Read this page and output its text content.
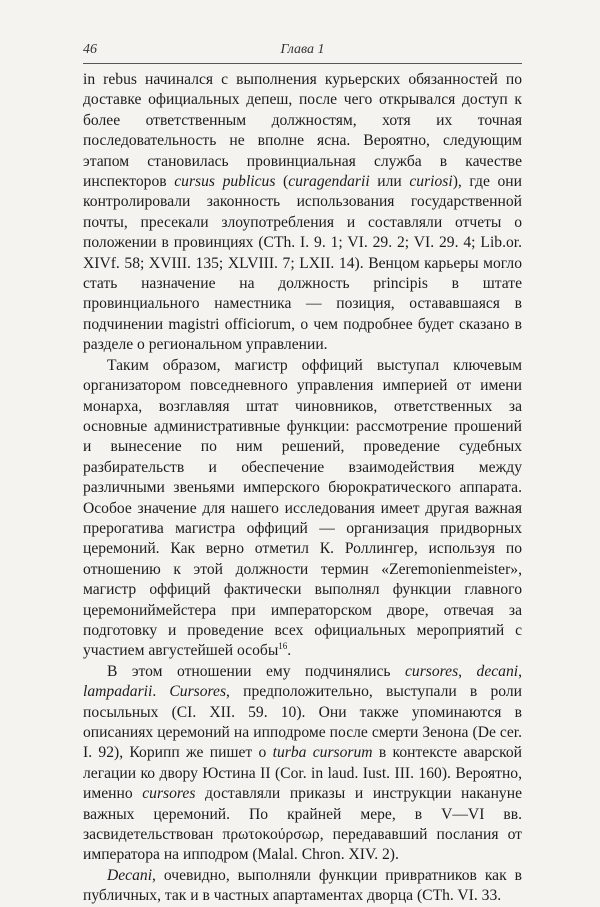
46	Глава 1

in rebus начинался с выполнения курьерских обязанностей по доставке официальных депеш, после чего открывался доступ к более ответственным должностям, хотя их точная последовательность не вполне ясна. Вероятно, следующим этапом становилась провинциальная служба в качестве инспекторов cursus publicus (curagendarii или curiosi), где они контролировали законность использования государственной почты, пресекали злоупотребления и составляли отчеты о положении в провинциях (CTh. I. 9. 1; VI. 29. 2; VI. 29. 4; Lib.or. XIVf. 58; XVIII. 135; XLVIII. 7; LXII. 14). Венцом карьеры могло стать назначение на должность principis в штате провинциального наместника — позиция, остававшаяся в подчинении magistri officiorum, о чем подробнее будет сказано в разделе о региональном управлении.

Таким образом, магистр оффиций выступал ключевым организатором повседневного управления империей от имени монарха, возглавляя штат чиновников, ответственных за основные административные функции: рассмотрение прошений и вынесение по ним решений, проведение судебных разбирательств и обеспечение взаимодействия между различными звеньями имперского бюрократического аппарата. Особое значение для нашего исследования имеет другая важная прерогатива магистра оффиций — организация придворных церемоний. Как верно отметил К. Роллингер, используя по отношению к этой должности термин «Zeremonienmeister», магистр оффиций фактически выполнял функции главного церемониймейстера при императорском дворе, отвечая за подготовку и проведение всех официальных мероприятий с участием августейшей особы$^{16}$.

В этом отношении ему подчинялись cursores, decani, lampadarii. Cursores, предположительно, выступали в роли посыльных (CI. XII. 59. 10). Они также упоминаются в описаниях церемоний на ипподроме после смерти Зенона (De cer. I. 92), Корипп же пишет о turba cursorum в контексте аварской легации ко двору Юстина II (Cor. in laud. Iust. III. 160). Вероятно, именно cursores доставляли приказы и инструкции накануне важных церемоний. По крайней мере, в V—VI вв. засвидетельствован πρωτοκούρσωρ, передававший послания от императора на ипподром (Malal. Chron. XIV. 2).

Decani, очевидно, выполняли функции привратников как в публичных, так и в частных апартаментах дворца (CTh. VI. 33.
